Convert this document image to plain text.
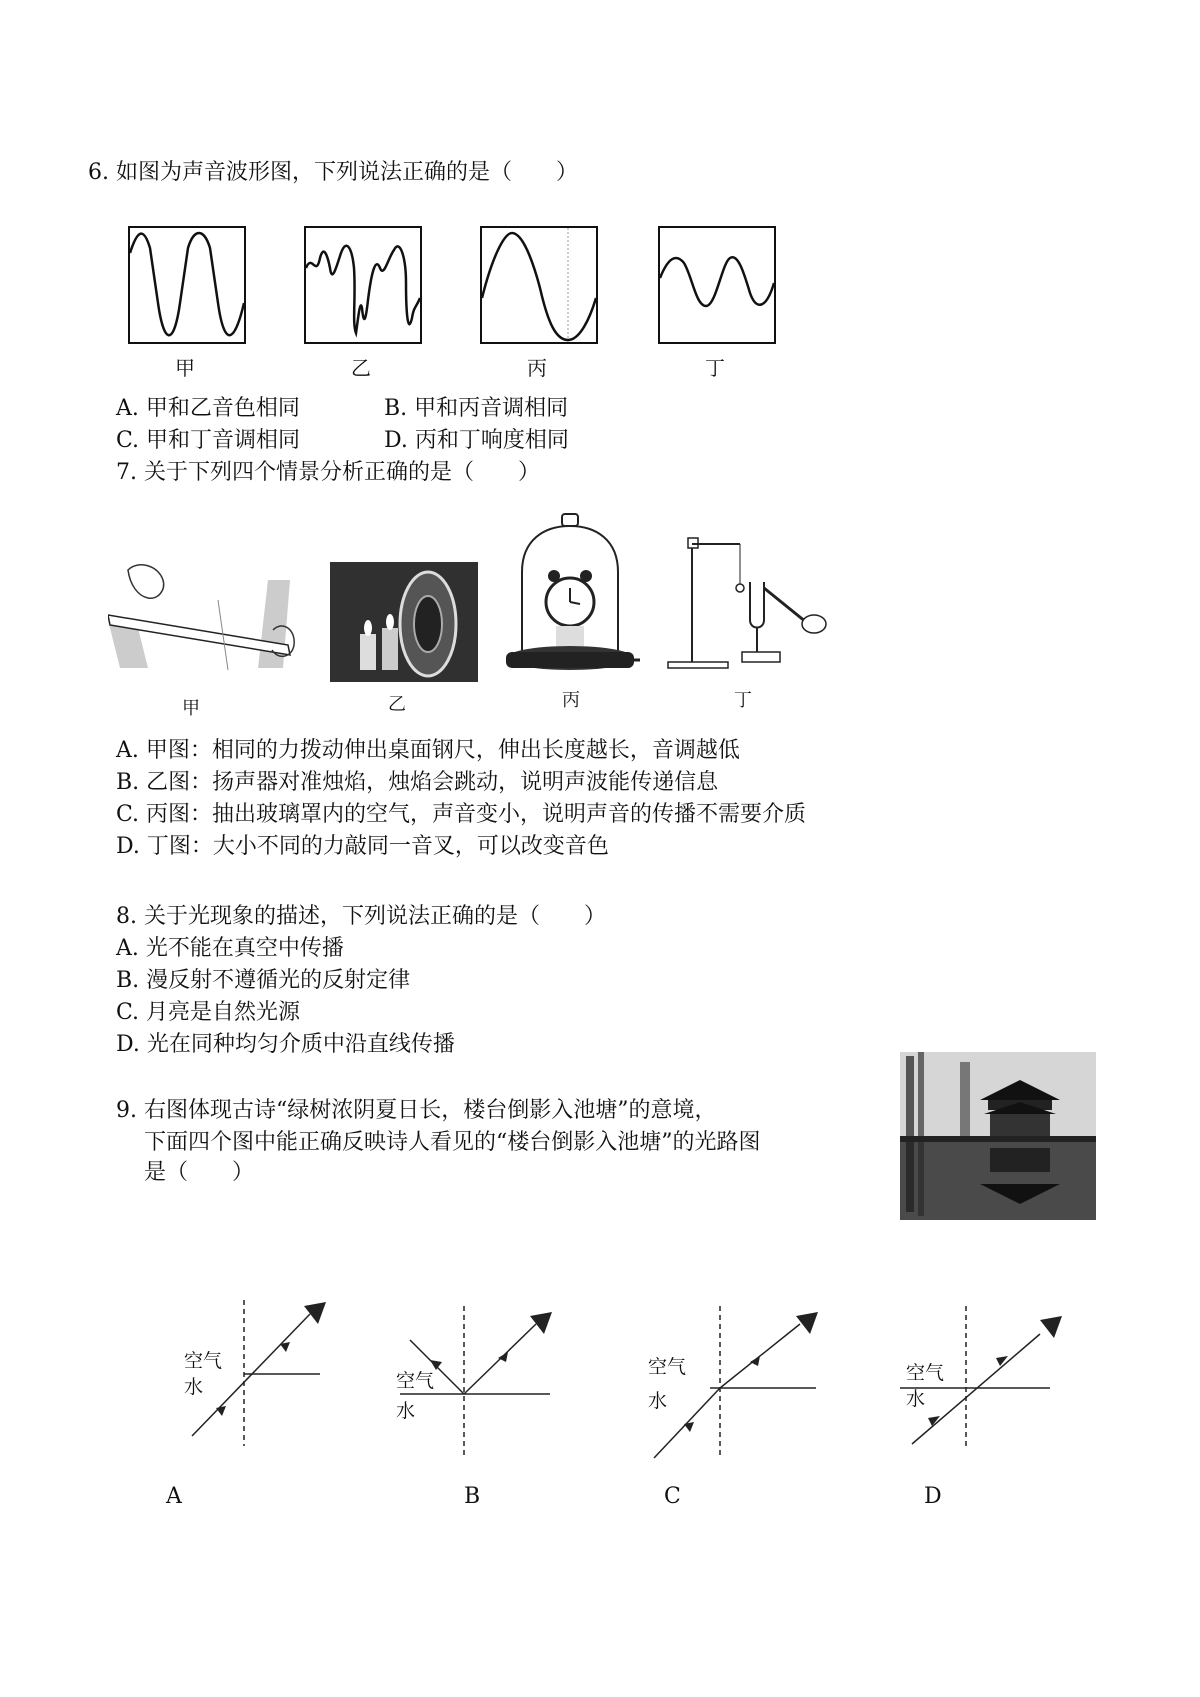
6. 如图为声音波形图，下列说法正确的是（　　）
甲	乙	丙	丁
A. 甲和乙音色相同	B. 甲和丙音调相同
C. 甲和丁音调相同	D. 丙和丁响度相同
7. 关于下列四个情景分析正确的是（　　）
甲	乙	丙	丁
A. 甲图：相同的力拨动伸出桌面钢尺，伸出长度越长，音调越低
B. 乙图：扬声器对准烛焰，烛焰会跳动，说明声波能传递信息
C. 丙图：抽出玻璃罩内的空气，声音变小，说明声音的传播不需要介质
D. 丁图：大小不同的力敲同一音叉，可以改变音色
8. 关于光现象的描述，下列说法正确的是（　　）
A. 光不能在真空中传播
B. 漫反射不遵循光的反射定律
C. 月亮是自然光源
D. 光在同种均匀介质中沿直线传播
9. 右图体现古诗“绿树浓阴夏日长，楼台倒影入池塘”的意境，
下面四个图中能正确反映诗人看见的“楼台倒影入池塘”的光路图
是（　　）
空气
水
A
空气
水
B
空气
水
C
空气
水
D
